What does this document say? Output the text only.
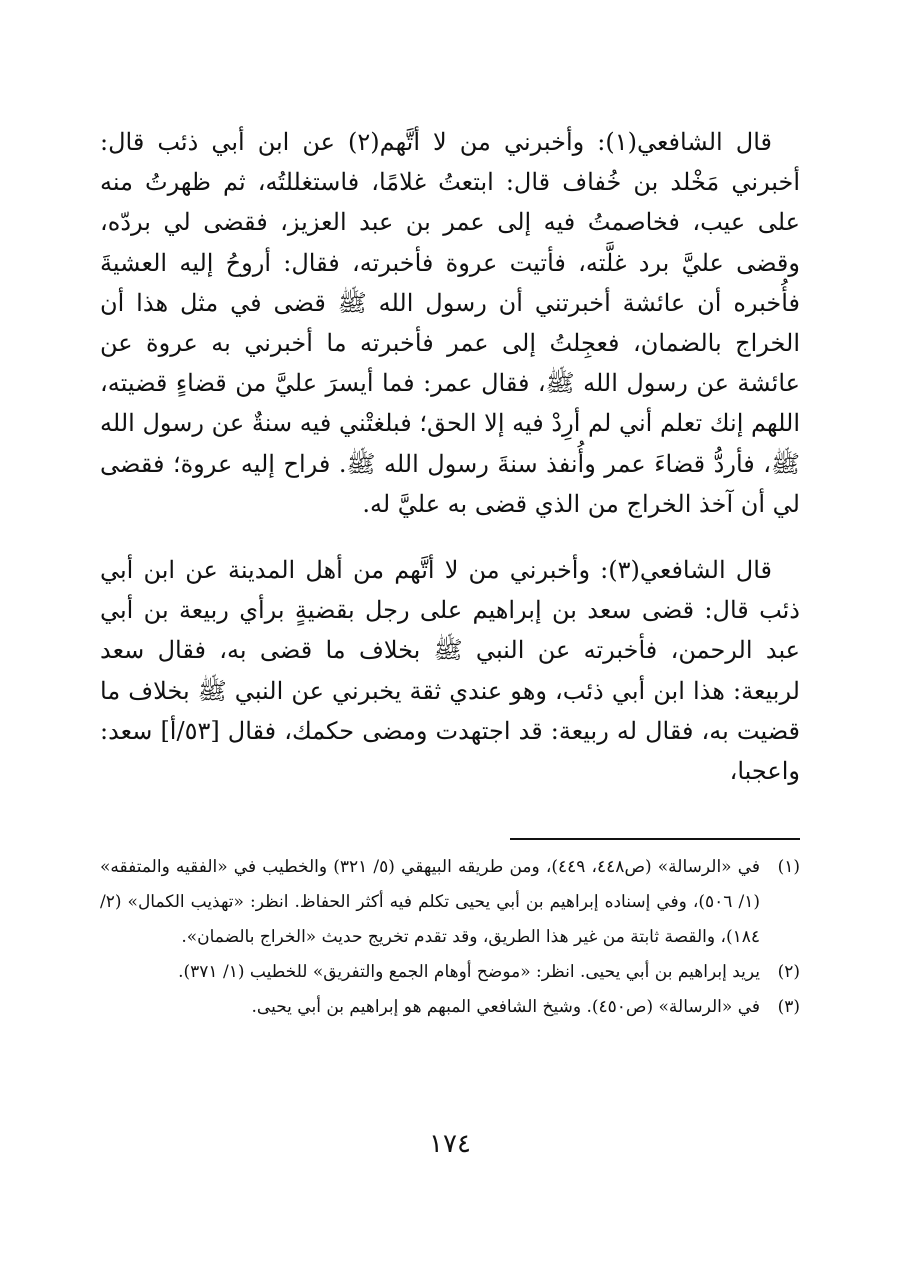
قال الشافعي(١): وأخبرني من لا أتَّهم(٢) عن ابن أبي ذئب قال: أخبرني مَخْلد بن خُفاف قال: ابتعتُ غلامًا، فاستغللتُه، ثم ظهرتُ منه على عيب، فخاصمتُ فيه إلى عمر بن عبد العزيز، فقضى لي بردّه، وقضى عليَّ برد غلَّته، فأتيت عروة فأخبرته، فقال: أروحُ إليه العشيةَ فأُخبره أن عائشة أخبرتني أن رسول الله ﷺ قضى في مثل هذا أن الخراج بالضمان، فعجِلتُ إلى عمر فأخبرته ما أخبرني به عروة عن عائشة عن رسول الله ﷺ، فقال عمر: فما أيسرَ عليَّ من قضاءٍ قضيته، اللهم إنك تعلم أني لم أرِدْ فيه إلا الحق؛ فبلغتْني فيه سنةٌ عن رسول الله ﷺ، فأردُّ قضاءَ عمر وأُنفذ سنةَ رسول الله ﷺ. فراح إليه عروة؛ فقضى لي أن آخذ الخراج من الذي قضى به عليَّ له.

قال الشافعي(٣): وأخبرني من لا أتَّهم من أهل المدينة عن ابن أبي ذئب قال: قضى سعد بن إبراهيم على رجل بقضيةٍ برأي ربيعة بن أبي عبد الرحمن، فأخبرته عن النبي ﷺ بخلاف ما قضى به، فقال سعد لربيعة: هذا ابن أبي ذئب، وهو عندي ثقة يخبرني عن النبي ﷺ بخلاف ما قضيت به، فقال له ربيعة: قد اجتهدت ومضى حكمك، فقال [٥٣/أ] سعد: واعجبا،

(١)
في «الرسالة» (ص٤٤٨، ٤٤٩)، ومن طريقه البيهقي (٥/ ٣٢١) والخطيب في «الفقيه والمتفقه» (١/ ٥٠٦)، وفي إسناده إبراهيم بن أبي يحيى تكلم فيه أكثر الحفاظ. انظر: «تهذيب الكمال» (٢/ ١٨٤)، والقصة ثابتة من غير هذا الطريق، وقد تقدم تخريج حديث «الخراج بالضمان».
(٢)
يريد إبراهيم بن أبي يحيى. انظر: «موضح أوهام الجمع والتفريق» للخطيب (١/ ٣٧١).
(٣)
في «الرسالة» (ص٤٥٠). وشيخ الشافعي المبهم هو إبراهيم بن أبي يحيى.
١٧٤
